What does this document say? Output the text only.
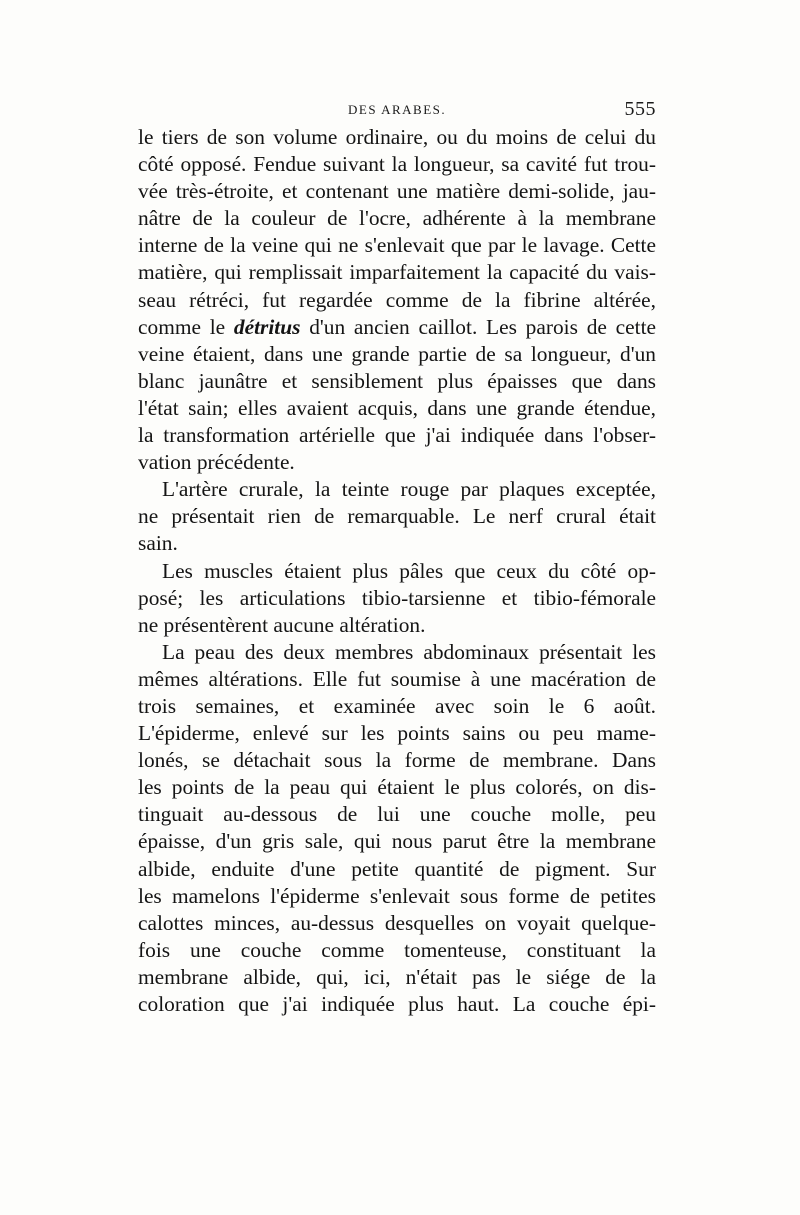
DES ARABES.	555
le tiers de son volume ordinaire, ou du moins de celui du
côté opposé. Fendue suivant la longueur, sa cavité fut trou-
vée très-étroite, et contenant une matière demi-solide, jau-
nâtre de la couleur de l'ocre, adhérente à la membrane
interne de la veine qui ne s'enlevait que par le lavage. Cette
matière, qui remplissait imparfaitement la capacité du vais-
seau rétréci, fut regardée comme de la fibrine altérée,
comme le détritus d'un ancien caillot. Les parois de cette
veine étaient, dans une grande partie de sa longueur, d'un
blanc jaunâtre et sensiblement plus épaisses que dans
l'état sain; elles avaient acquis, dans une grande étendue,
la transformation artérielle que j'ai indiquée dans l'obser-
vation précédente.
L'artère crurale, la teinte rouge par plaques exceptée,
ne présentait rien de remarquable. Le nerf crural était
sain.
Les muscles étaient plus pâles que ceux du côté op-
posé; les articulations tibio-tarsienne et tibio-fémorale
ne présentèrent aucune altération.
La peau des deux membres abdominaux présentait les
mêmes altérations. Elle fut soumise à une macération de
trois semaines, et examinée avec soin le 6 août.
L'épiderme, enlevé sur les points sains ou peu mame-
lonés, se détachait sous la forme de membrane. Dans
les points de la peau qui étaient le plus colorés, on dis-
tinguait au-dessous de lui une couche molle, peu
épaisse, d'un gris sale, qui nous parut être la membrane
albide, enduite d'une petite quantité de pigment. Sur
les mamelons l'épiderme s'enlevait sous forme de petites
calottes minces, au-dessus desquelles on voyait quelque-
fois une couche comme tomenteuse, constituant la
membrane albide, qui, ici, n'était pas le siége de la
coloration que j'ai indiquée plus haut. La couche épi-
